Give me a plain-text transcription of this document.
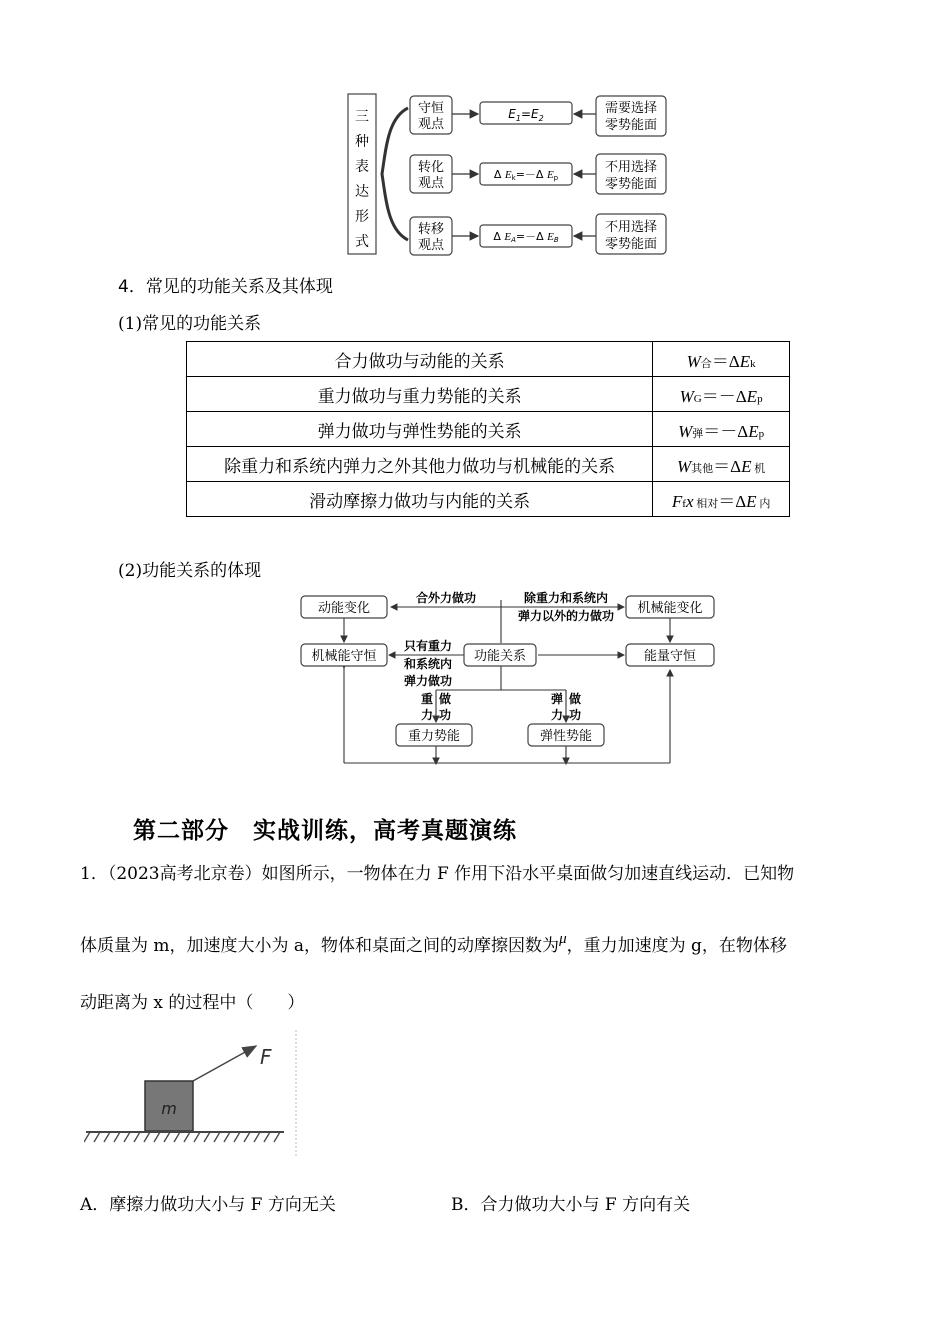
三
种
表
达
形
式
守恒
观点
$E_1=E_2$
需要选择
零势能面
转化
观点
Δ Ek=－Δ Ep
不用选择
零势能面
转移
观点
Δ EA=－Δ EB
不用选择
零势能面
4．常见的功能关系及其体现
(1)常见的功能关系
合力做功与动能的关系	W合＝ΔEk
重力做功与重力势能的关系	WG＝－ΔEp
弹力做功与弹性势能的关系	W弹＝－ΔEp
除重力和系统内弹力之外其他力做功与机械能的关系	W其他＝ΔE 机
滑动摩擦力做功与内能的关系	Ffx 相对＝ΔE 内
(2)功能关系的体现
动能变化	机械能变化
机械能守恒	功能关系	能量守恒
重力势能	弹性势能
合外力做功	除重力和系统内
弹力以外的力做功
只有重力
和系统内
弹力做功
重
力
做
功
弹
力
做
功
第二部分　实战训练，高考真题演练
1．（2023高考北京卷）如图所示，一物体在力 F 作用下沿水平桌面做匀加速直线运动．已知物
体质量为 m，加速度大小为 a，物体和桌面之间的动摩擦因数为μ，重力加速度为 g，在物体移
动距离为 x 的过程中（　　）
m
F
A．摩擦力做功大小与 F 方向无关	B．合力做功大小与 F 方向有关
